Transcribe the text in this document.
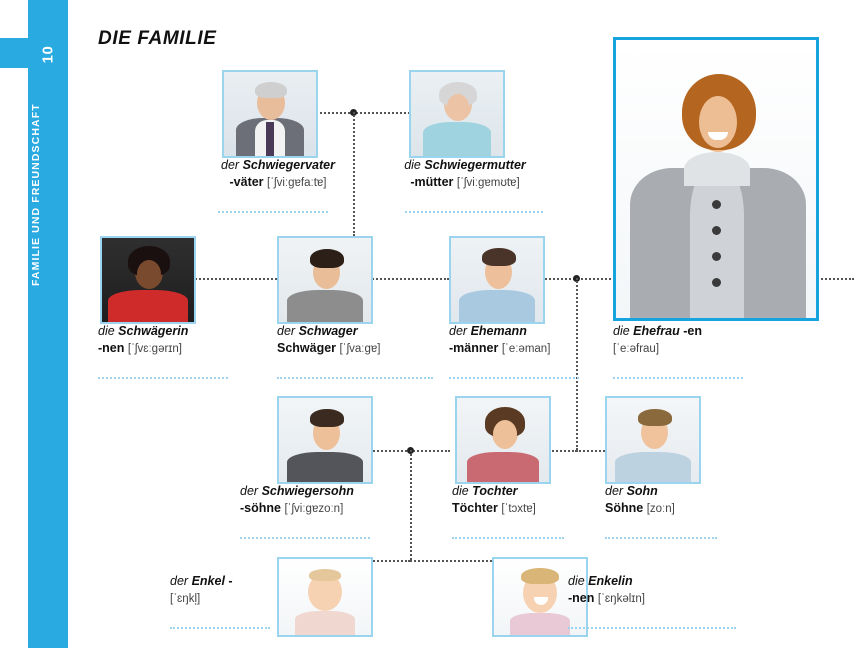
10
FAMILIE UND FREUNDSCHAFT
DIE FAMILIE
der Schwiegervater
-väter [ˈʃviːgɐfaːtɐ]
die Schwiegermutter
-mütter [ˈʃviːgɐmʊtɐ]
die Schwägerin
-nen [ˈʃvɛːgərɪn]
der Schwager
Schwäger [ˈʃvaːgɐ]
der Ehemann
-männer [ˈeːəman]
die Ehefrau -en
[ˈeːəfrau]
der Schwiegersohn
-söhne [ˈʃviːgɐzoːn]
die Tochter
Töchter [ˈtɔxtɐ]
der Sohn
Söhne [zoːn]
der Enkel -
[ˈɛŋkl̩]
die Enkelin
-nen [ˈɛŋkəlɪn]
